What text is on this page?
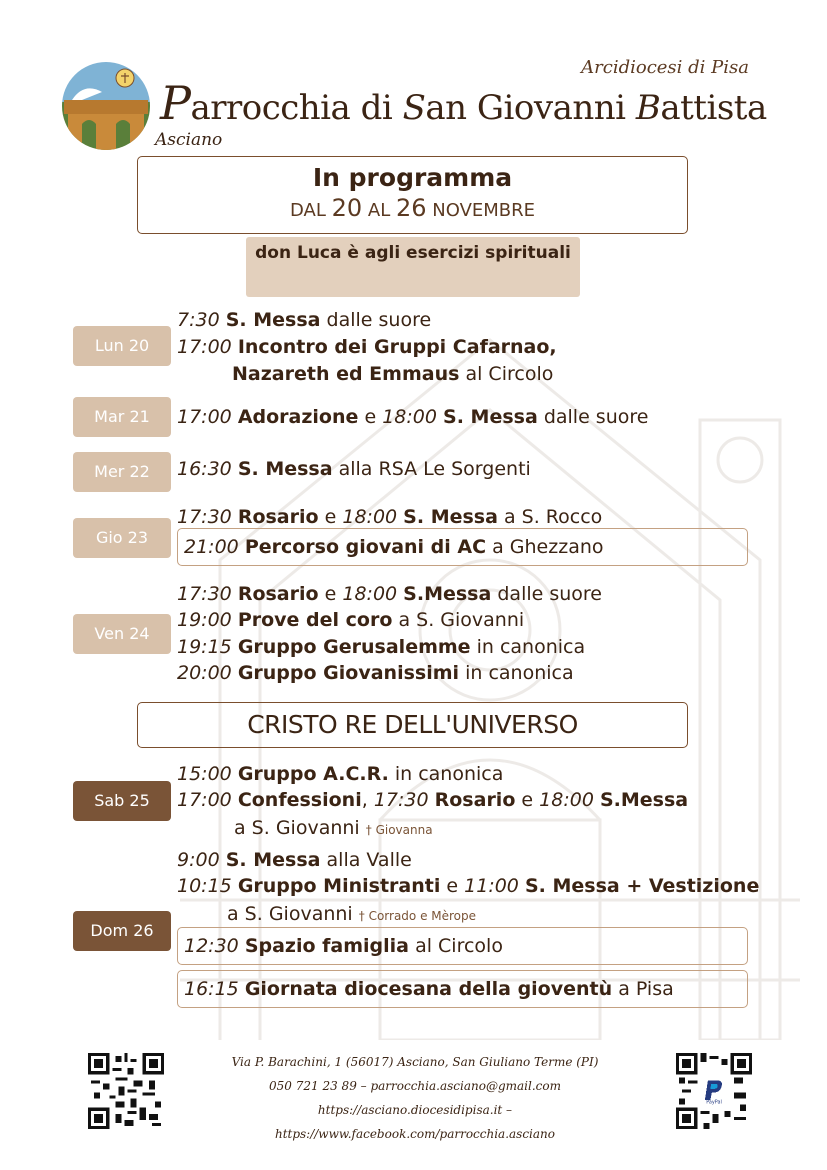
Arcidiocesi di Pisa
Parrocchia di San Giovanni Battista
Asciano
In programma
DAL 20 AL 26 NOVEMBRE
don Luca è agli esercizi spirituali
Lun 20
Mar 21
Mer 22
Gio 23
Ven 24
Sab 25
Dom 26
7:30 S. Messa dalle suore
17:00 Incontro dei Gruppi Cafarnao,
Nazareth ed Emmaus al Circolo
17:00 Adorazione e 18:00 S. Messa dalle suore
16:30 S. Messa alla RSA Le Sorgenti
17:30 Rosario e 18:00 S. Messa a S. Rocco
21:00 Percorso giovani di AC a Ghezzano
17:30 Rosario e 18:00 S.Messa dalle suore
19:00 Prove del coro a S. Giovanni
19:15 Gruppo Gerusalemme in canonica
20:00 Gruppo Giovanissimi in canonica
CRISTO RE DELL'UNIVERSO
15:00 Gruppo A.C.R. in canonica
17:00 Confessioni, 17:30 Rosario e 18:00 S.Messa
a S. Giovanni † Giovanna
9:00 S. Messa alla Valle
10:15 Gruppo Ministranti e 11:00 S. Messa + Vestizione
a S. Giovanni † Corrado e Mèrope
12:30 Spazio famiglia al Circolo
16:15 Giornata diocesana della gioventù a Pisa
Via P. Barachini, 1 (56017) Asciano, San Giuliano Terme (PI)
050 721 23 89 – parrocchia.asciano@gmail.com
https://asciano.diocesidipisa.it – https://www.facebook.com/parrocchia.asciano
PayPal
